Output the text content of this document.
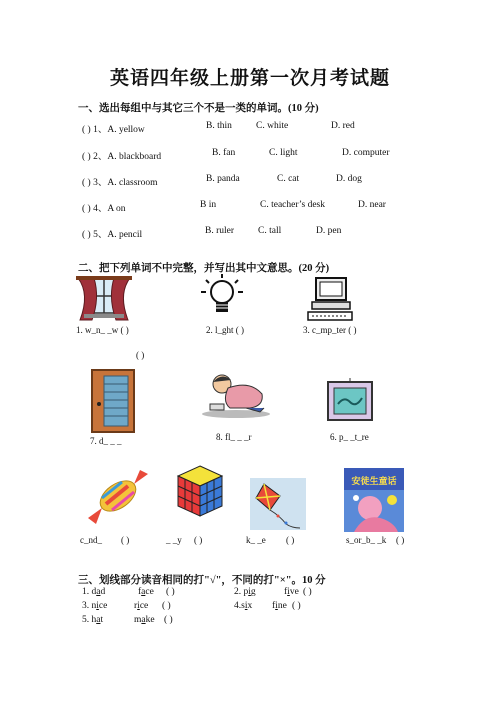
英语四年级上册第一次月考试题
一、选出每组中与其它三个不是一类的单词。(10 分)
( ) 1、A. yellow	B. thin	C. white	D. red
( ) 2、A. blackboard	B. fan	C. light	D. computer
( ) 3、A. classroom	B. panda	C. cat	D. dog
( ) 4、A on	B in	C. teacher’s desk	D. near
( ) 5、A. pencil	B. ruler	C. tall	D. pen
二、把下列单词不中完整，并写出其中文意思。(20 分)
1. w_n_ _w ( )	2. l_ght ( )	3. c_mp_ter ( )
( )
7. d_ _ _	8. fl_ _ _r	6. p_ _t_re
安徒生童话
c_nd_ ( )	_ _y ( )	k_ _e ( )	s_or_b_ _k ( )
三、划线部分读音相同的打"√"，不同的打"×"。10 分
1. dad	face ( )	2. pig	five ( )
3. nice	rice ( )	4.six fine ( )
5. hat	make ( )
